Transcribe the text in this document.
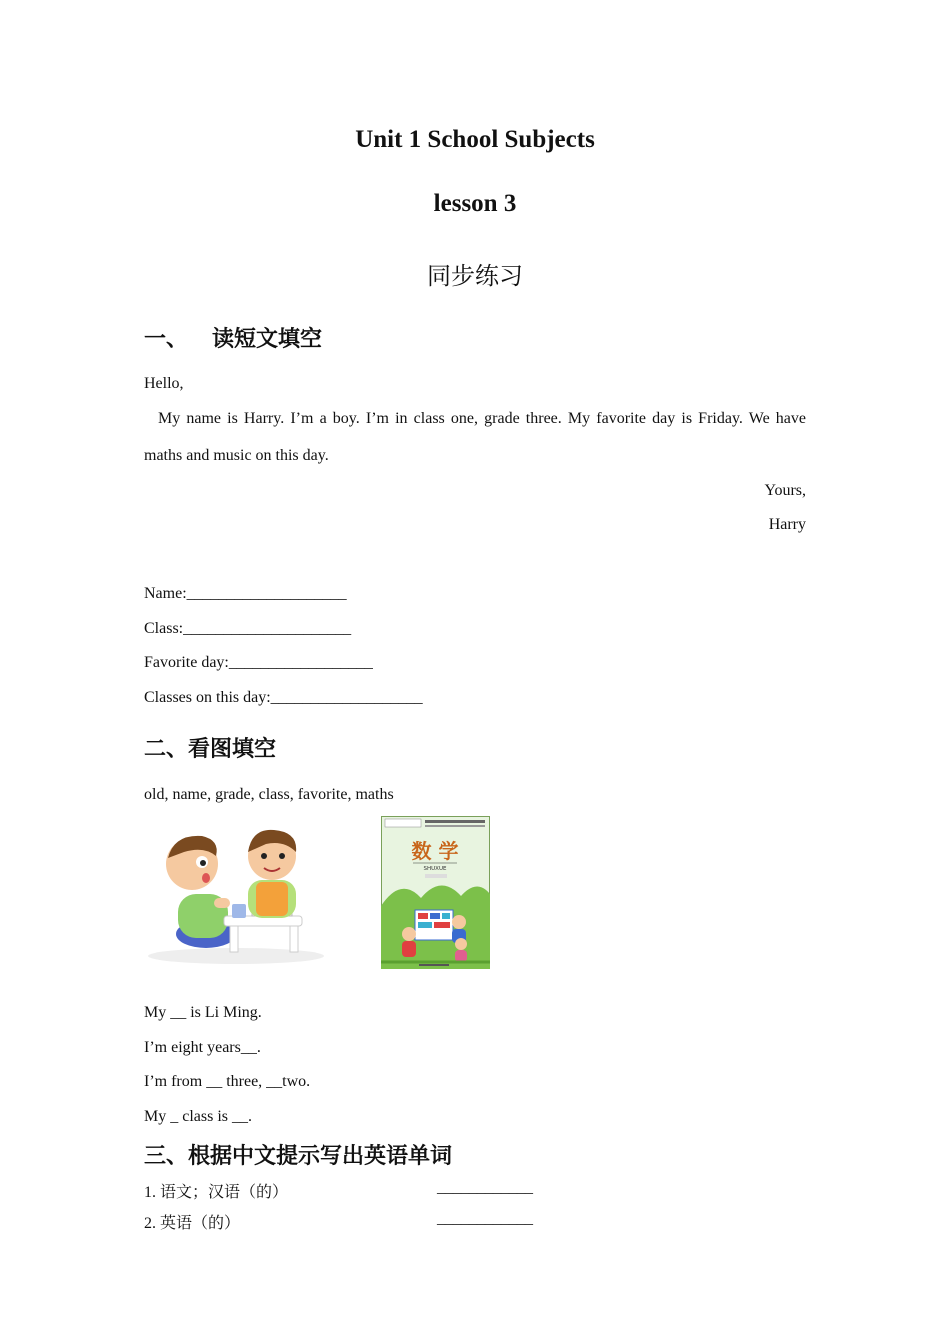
Unit 1 School Subjects
lesson 3
同步练习
一、 读短文填空
Hello,
My name is Harry. I’m a boy. I’m in class one, grade three. My favorite day is Friday. We have
maths and music on this day.
Yours,
Harry
Name:____________________
Class:_____________________
Favorite day:__________________
Classes on this day:___________________
二、看图填空
old, name, grade, class, favorite, maths
数 学
SHUXUE
My __ is Li Ming.
I’m eight years__.
I’m from __ three, __two.
My _ class is __.
三、根据中文提示写出英语单词
1. 语文；汉语（的）	____________
2. 英语（的）	____________
